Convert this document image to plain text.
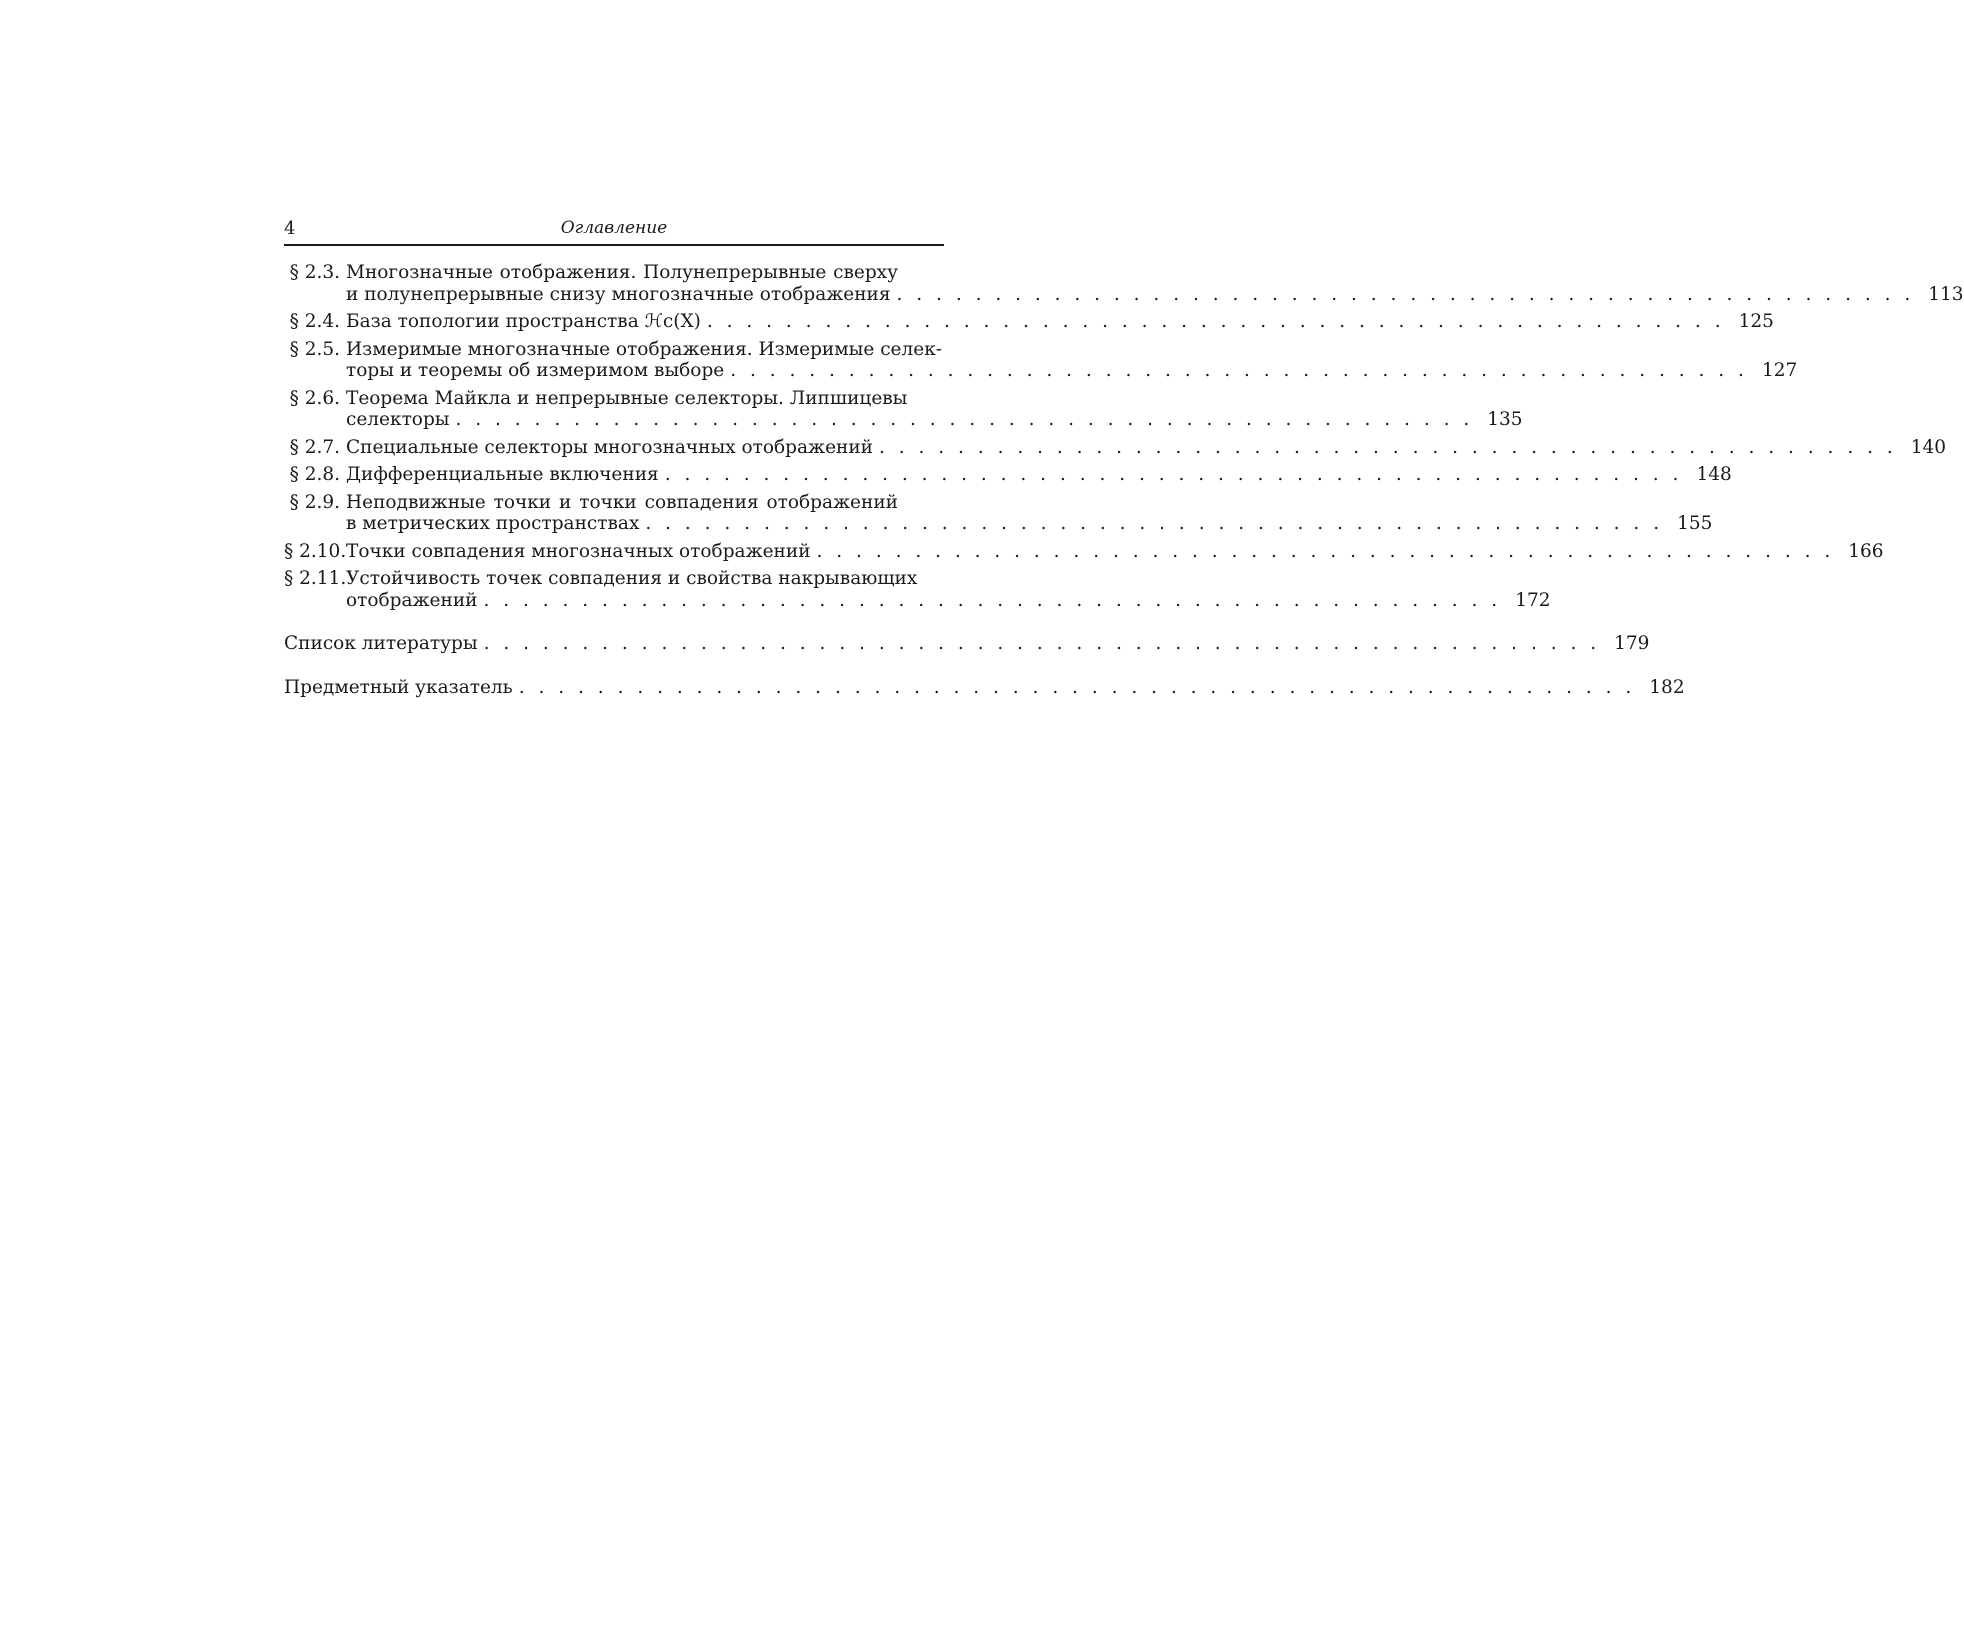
4	Оглавление
§ 2.3. Многозначные отображения. Полунепрерывные сверху
и полунепрерывные снизу многозначные отображения . . . . . . . . . . . . . . . . . . . . . . . . . . . . . . . . . . . . . . . . . . . . . . . . . . . . 113
§ 2.4. База топологии пространства ℋc(X) . . . . . . . . . . . . . . . . . . . . . . . . . . . . . . . . . . . . . . . . . . . . . . . . . . . . 125
§ 2.5. Измеримые многозначные отображения. Измеримые селек-
торы и теоремы об измеримом выборе . . . . . . . . . . . . . . . . . . . . . . . . . . . . . . . . . . . . . . . . . . . . . . . . . . . . 127
§ 2.6. Теорема Майкла и непрерывные селекторы. Липшицевы
селекторы . . . . . . . . . . . . . . . . . . . . . . . . . . . . . . . . . . . . . . . . . . . . . . . . . . . . 135
§ 2.7. Специальные селекторы многозначных отображений . . . . . . . . . . . . . . . . . . . . . . . . . . . . . . . . . . . . . . . . . . . . . . . . . . . . 140
§ 2.8. Дифференциальные включения . . . . . . . . . . . . . . . . . . . . . . . . . . . . . . . . . . . . . . . . . . . . . . . . . . . . 148
§ 2.9. Неподвижные точки и точки совпадения отображений
в метрических пространствах . . . . . . . . . . . . . . . . . . . . . . . . . . . . . . . . . . . . . . . . . . . . . . . . . . . . 155
§ 2.10. Точки совпадения многозначных отображений . . . . . . . . . . . . . . . . . . . . . . . . . . . . . . . . . . . . . . . . . . . . . . . . . . . . 166
§ 2.11. Устойчивость точек совпадения и свойства накрывающих
отображений . . . . . . . . . . . . . . . . . . . . . . . . . . . . . . . . . . . . . . . . . . . . . . . . . . . . 172
Список литературы . . . . . . . . . . . . . . . . . . . . . . . . . . . . . . . . . . . . . . . . . . . . . . . . . . . . . . . . . 179
Предметный указатель . . . . . . . . . . . . . . . . . . . . . . . . . . . . . . . . . . . . . . . . . . . . . . . . . . . . . . . . . 182
